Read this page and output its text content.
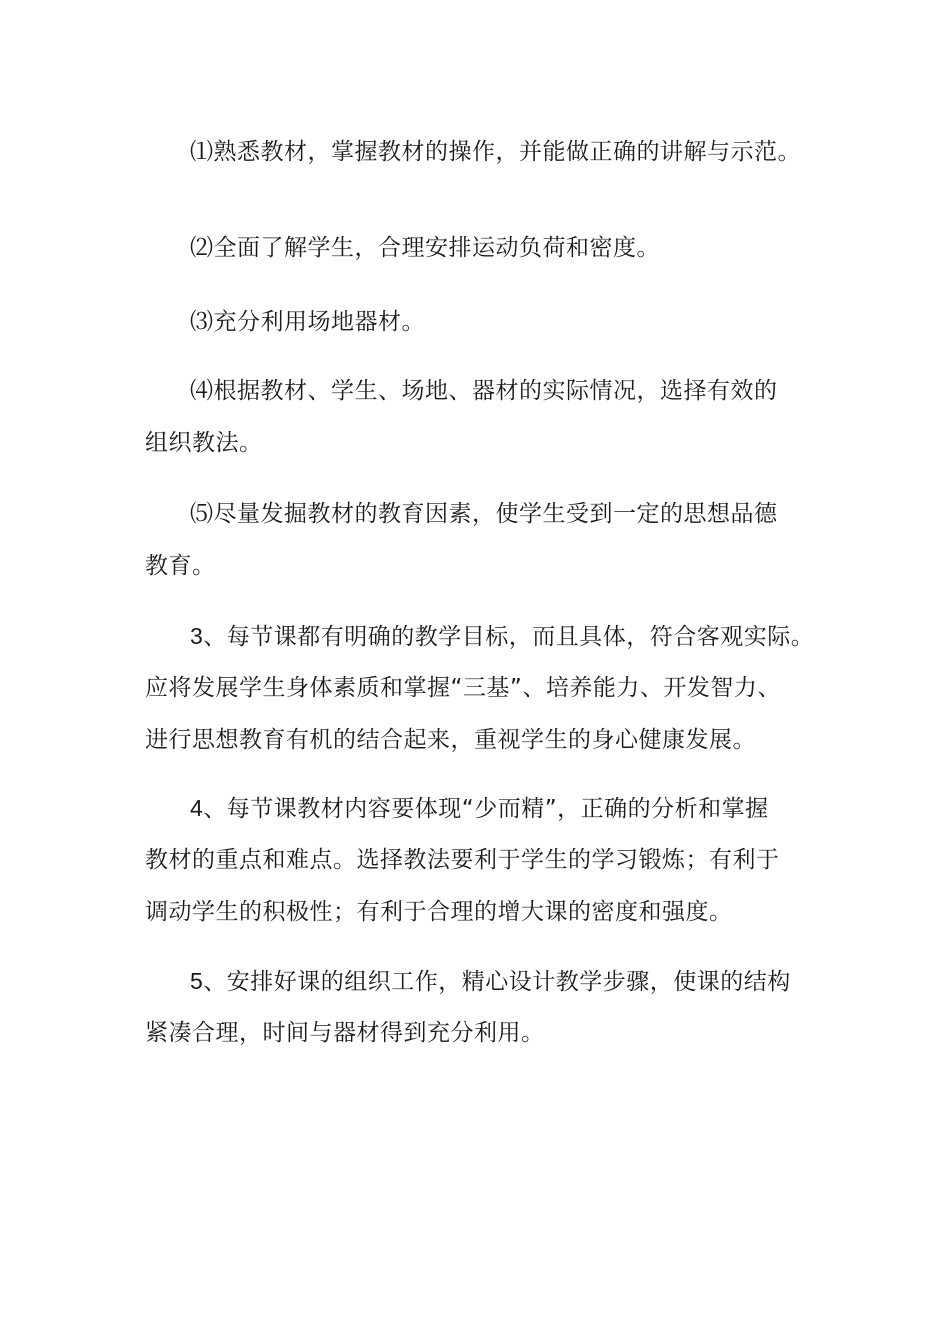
⑴熟悉教材，掌握教材的操作，并能做正确的讲解与示范。
⑵全面了解学生，合理安排运动负荷和密度。
⑶充分利用场地器材。
⑷根据教材、学生、场地、器材的实际情况，选择有效的
组织教法。
⑸尽量发掘教材的教育因素，使学生受到一定的思想品德
教育。
3、每节课都有明确的教学目标，而且具体，符合客观实际。
应将发展学生身体素质和掌握“三基”、培养能力、开发智力、
进行思想教育有机的结合起来，重视学生的身心健康发展。
4、每节课教材内容要体现“少而精”，正确的分析和掌握
教材的重点和难点。选择教法要利于学生的学习锻炼；有利于
调动学生的积极性；有利于合理的增大课的密度和强度。
5、安排好课的组织工作，精心设计教学步骤，使课的结构
紧凑合理，时间与器材得到充分利用。
